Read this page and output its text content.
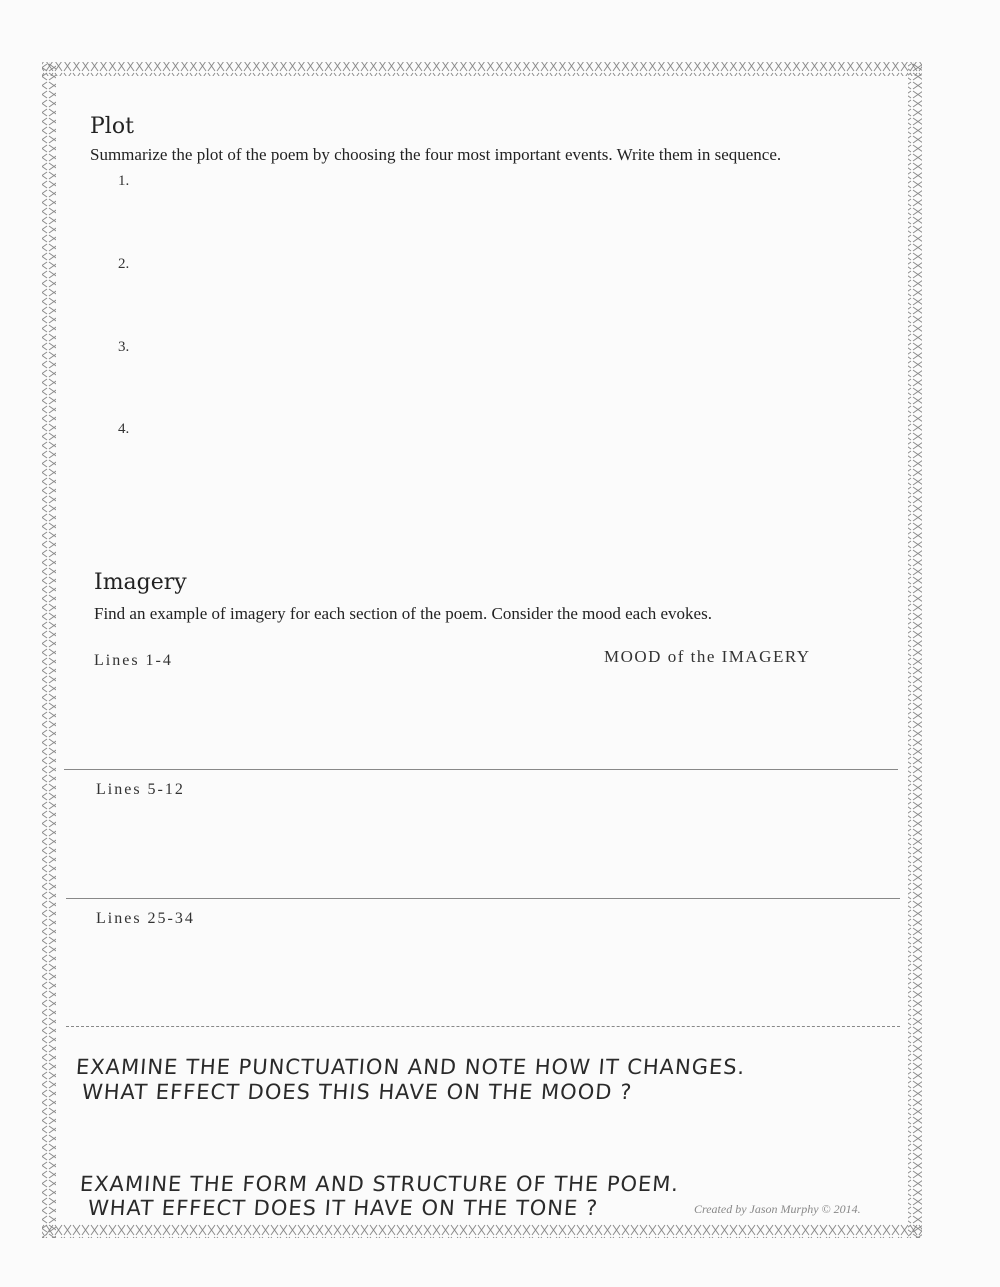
Plot
Summarize the plot of the poem by choosing the four most important events. Write them in sequence.
1.
2.
3.
4.
Imagery
Find an example of imagery for each section of the poem. Consider the mood each evokes.
MOOD of the IMAGERY
Lines 1-4
Lines 5-12
Lines 25-34
EXAMINE THE PUNCTUATION AND NOTE HOW IT CHANGES.
WHAT EFFECT DOES THIS HAVE ON THE MOOD ?
EXAMINE THE FORM AND STRUCTURE OF THE POEM.
WHAT EFFECT DOES IT HAVE ON THE TONE ?	Created by Jason Murphy © 2014.
